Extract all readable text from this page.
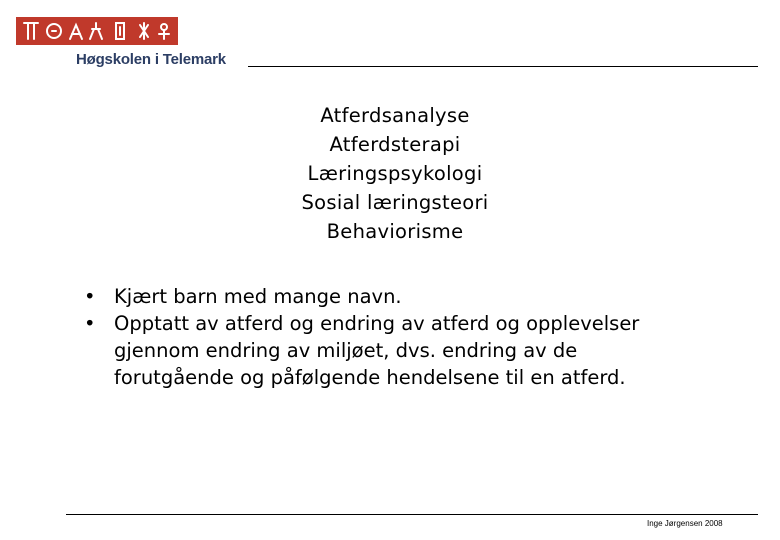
Høgskolen i Telemark
Atferdsanalyse
Atferdsterapi
Læringspsykologi
Sosial læringsteori
Behaviorisme
• Kjært barn med mange navn.
• Opptatt av atferd og endring av atferd og opplevelser gjennom endring av miljøet, dvs. endring av de forutgående og påfølgende hendelsene til en atferd.
Inge Jørgensen 2008
